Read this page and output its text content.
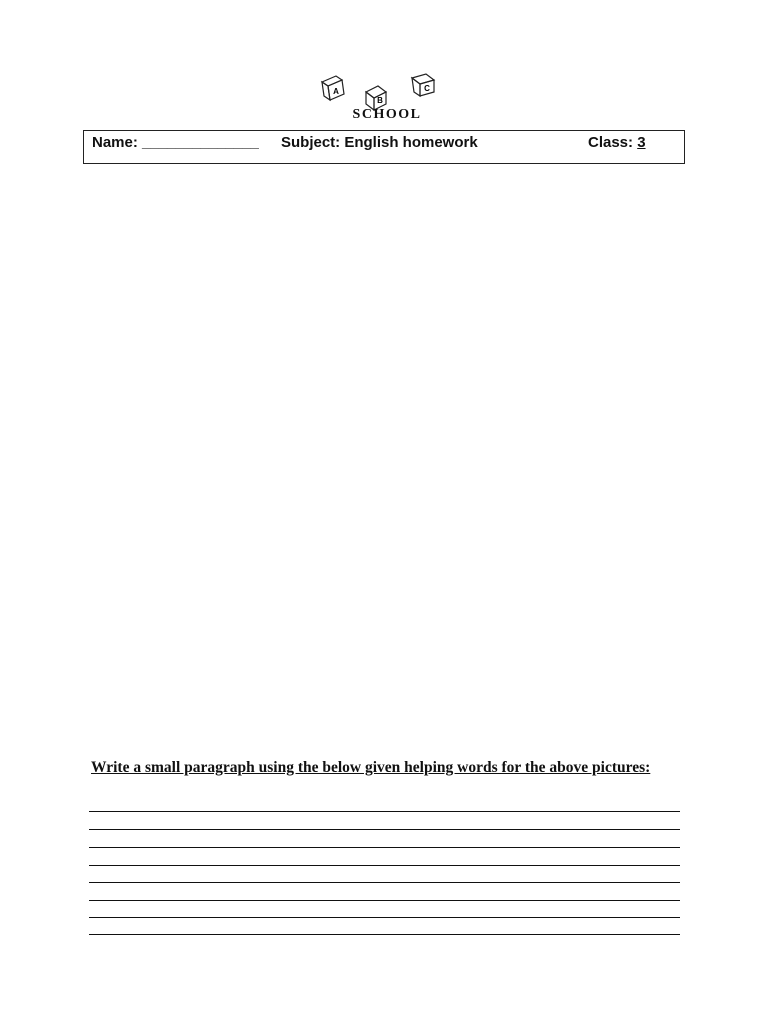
A
B
C
SCHOOL
Name: ______________ Subject: English homework	Class: 3
Write a small paragraph using the below given helping words for the above pictures:
